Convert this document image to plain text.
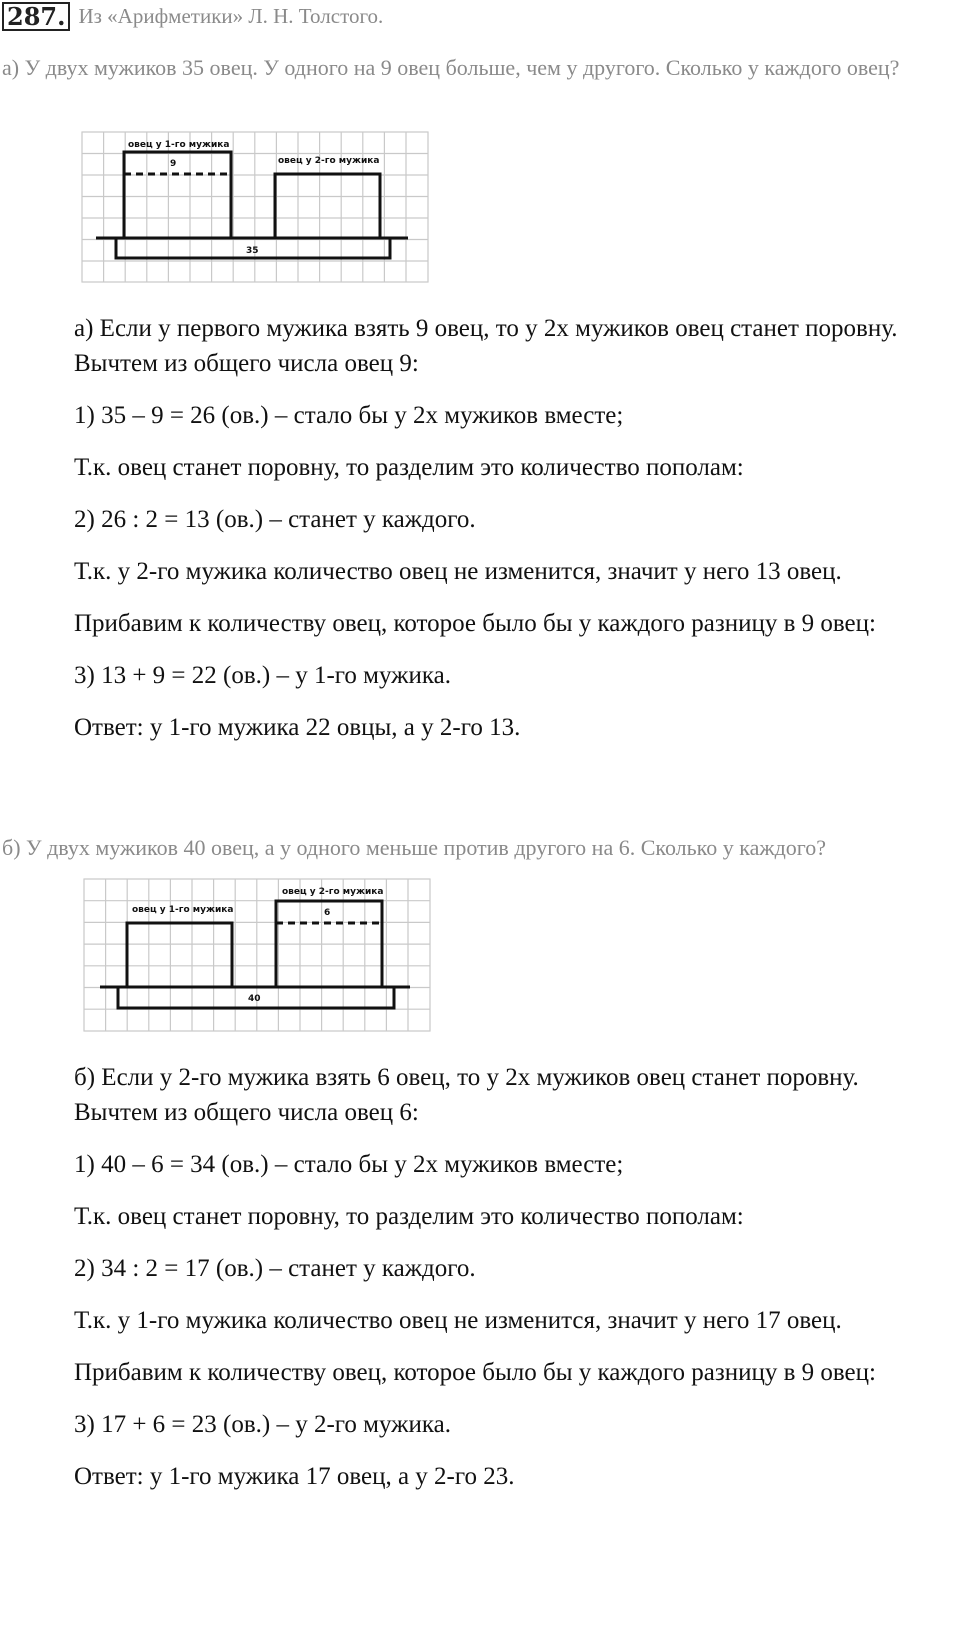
287. Из «Арифметики» Л. Н. Толстого.
а) У двух мужиков 35 овец. У одного на 9 овец больше, чем у другого. Сколько у каждого овец?
овец у 1-го мужика
9	овец у 2-го мужика
35

а) Если у первого мужика взять 9 овец, то у 2х мужиков овец станет поровну. Вычтем из общего числа овец 9:

1) 35 – 9 = 26 (ов.) – стало бы у 2х мужиков вместе;

Т.к. овец станет поровну, то разделим это количество пополам:

2) 26 : 2 = 13 (ов.) – станет у каждого.

Т.к. у 2-го мужика количество овец не изменится, значит у него 13 овец.

Прибавим к количеству овец, которое было бы у каждого разницу в 9 овец:

3) 13 + 9 = 22 (ов.) – у 1-го мужика.

Ответ: у 1-го мужика 22 овцы, а у 2-го 13.

б) У двух мужиков 40 овец, а у одного меньше против другого на 6. Сколько у каждого?
овец у 1-го мужика
овец у 2-го мужика
6
40

б) Если у 2-го мужика взять 6 овец, то у 2х мужиков овец станет поровну. Вычтем из общего числа овец 6:

1) 40 – 6 = 34 (ов.) – стало бы у 2х мужиков вместе;

Т.к. овец станет поровну, то разделим это количество пополам:

2) 34 : 2 = 17 (ов.) – станет у каждого.

Т.к. у 1-го мужика количество овец не изменится, значит у него 17 овец.

Прибавим к количеству овец, которое было бы у каждого разницу в 9 овец:

3) 17 + 6 = 23 (ов.) – у 2-го мужика.

Ответ: у 1-го мужика 17 овец, а у 2-го 23.
